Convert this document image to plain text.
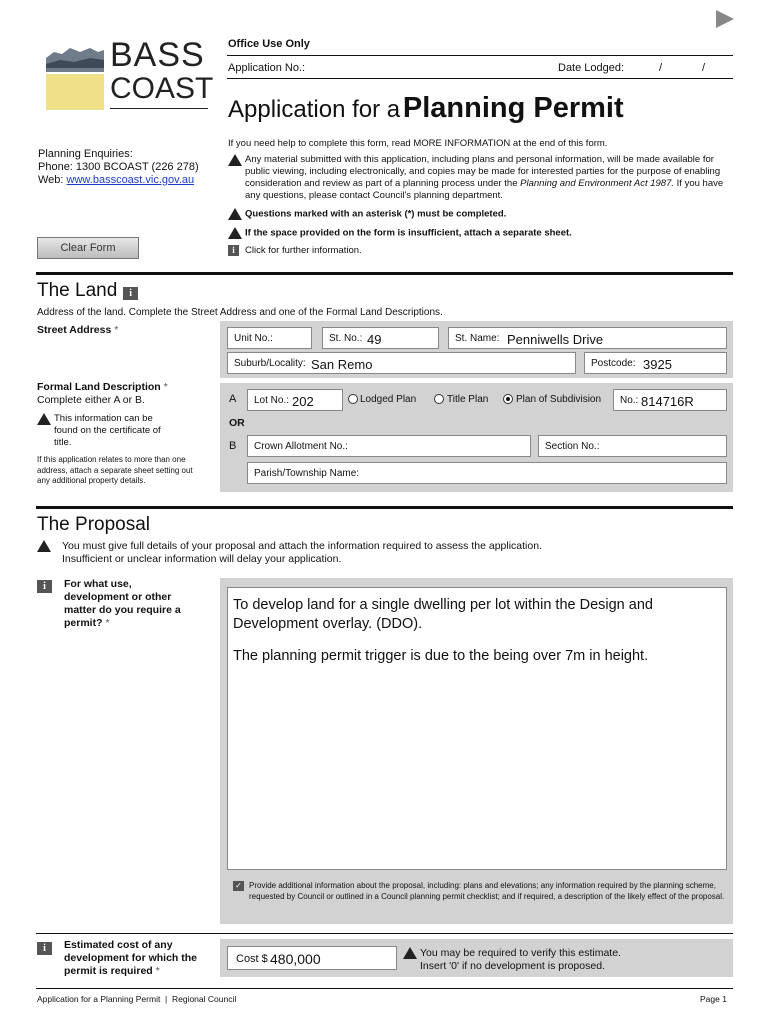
BASS
COAST
Office Use Only
Application No.:	Date Lodged:	/	/
Application for a Planning Permit
Planning Enquiries:
Phone: 1300 BCOAST (226 278)
Web: www.basscoast.vic.gov.au
If you need help to complete this form, read MORE INFORMATION at the end of this form.
Any material submitted with this application, including plans and personal information, will be made available for public viewing, including electronically, and copies may be made for interested parties for the purpose of enabling consideration and review as part of a planning process under the Planning and Environment Act 1987. If you have any questions, please contact Council's planning department.
Questions marked with an asterisk (*) must be completed.
If the space provided on the form is insufficient, attach a separate sheet.
i Click for further information.
Clear Form
The Land i
Address of the land. Complete the Street Address and one of the Formal Land Descriptions.
Street Address *
Unit No.:	St. No.: 49	St. Name: Penniwells Drive
Suburb/Locality: San Remo	Postcode: 3925
Formal Land Description *
Complete either A or B.
This information can be found on the certificate of title.
If this application relates to more than one address, attach a separate sheet setting out any additional property details.
A Lot No.: 202	Lodged Plan	Title Plan	Plan of Subdivision No.: 814716R
OR
B Crown Allotment No.:	Section No.:
Parish/Township Name:
The Proposal
You must give full details of your proposal and attach the information required to assess the application.
Insufficient or unclear information will delay your application.
i	For what use, development or other matter do you require a permit? *
To develop land for a single dwelling per lot within the Design and Development overlay. (DDO).
The planning permit trigger is due to the being over 7m in height.
✓ Provide additional information about the proposal, including: plans and elevations; any information required by the planning scheme, requested by Council or outlined in a Council planning permit checklist; and if required, a description of the likely effect of the proposal.
i	Estimated cost of any development for which the permit is required *
Cost $ 480,000	You may be required to verify this estimate.
Insert '0' if no development is proposed.
Application for a Planning Permit  |  Regional Council	Page 1
